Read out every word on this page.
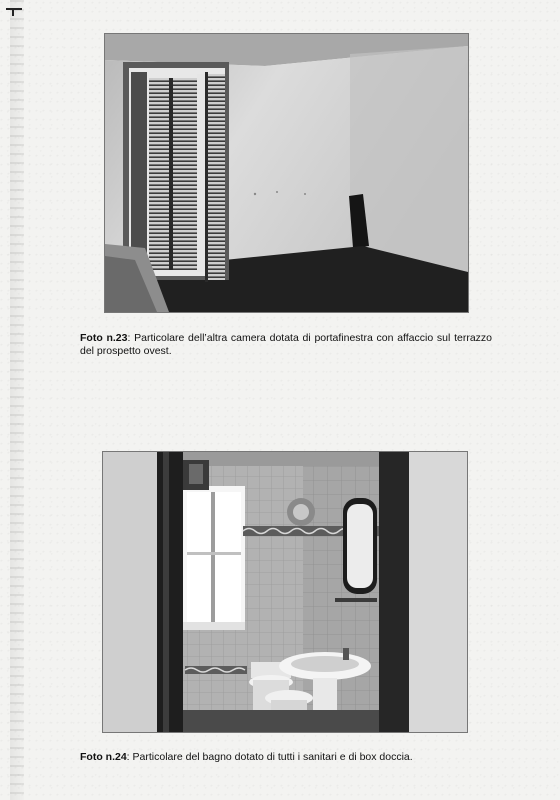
Foto n.23: Particolare dell’altra camera dotata di portafinestra con affaccio sul terrazzo del prospetto ovest.

Foto n.24: Particolare del bagno dotato di tutti i sanitari e di box doccia.
